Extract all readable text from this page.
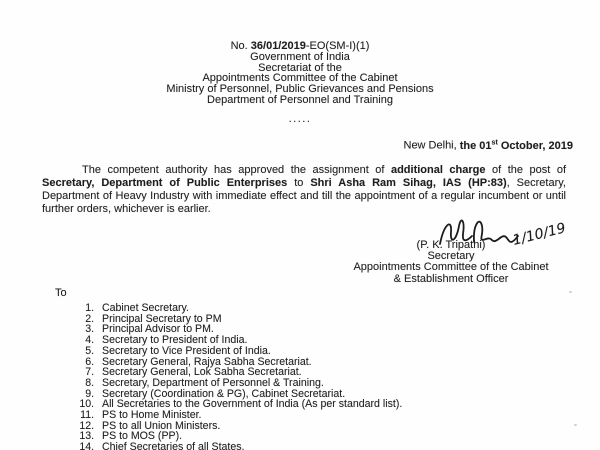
No. 36/01/2019-EO(SM-I)(1)
Government of India
Secretariat of the
Appointments Committee of the Cabinet
Ministry of Personnel, Public Grievances and Pensions
Department of Personnel and Training
.....
New Delhi, the 01st October, 2019

The competent authority has approved the assignment of additional charge of the post of Secretary, Department of Public Enterprises to Shri Asha Ram Sihag, IAS (HP:83), Secretary, Department of Heavy Industry with immediate effect and till the appointment of a regular incumbent or until further orders, whichever is earlier.

1/10/19
(P. K. Tripathi)
Secretary
Appointments Committee of the Cabinet
& Establishment Officer
To
1. Cabinet Secretary.
2. Principal Secretary to PM
3. Principal Advisor to PM.
4. Secretary to President of India.
5. Secretary to Vice President of India.
6. Secretary General, Rajya Sabha Secretariat.
7. Secretary General, Lok Sabha Secretariat.
8. Secretary, Department of Personnel & Training.
9. Secretary (Coordination & PG), Cabinet Secretariat.
10. All Secretaries to the Government of India (As per standard list).
11. PS to Home Minister.
12. PS to all Union Ministers.
13. PS to MOS (PP).
14. Chief Secretaries of all States.
